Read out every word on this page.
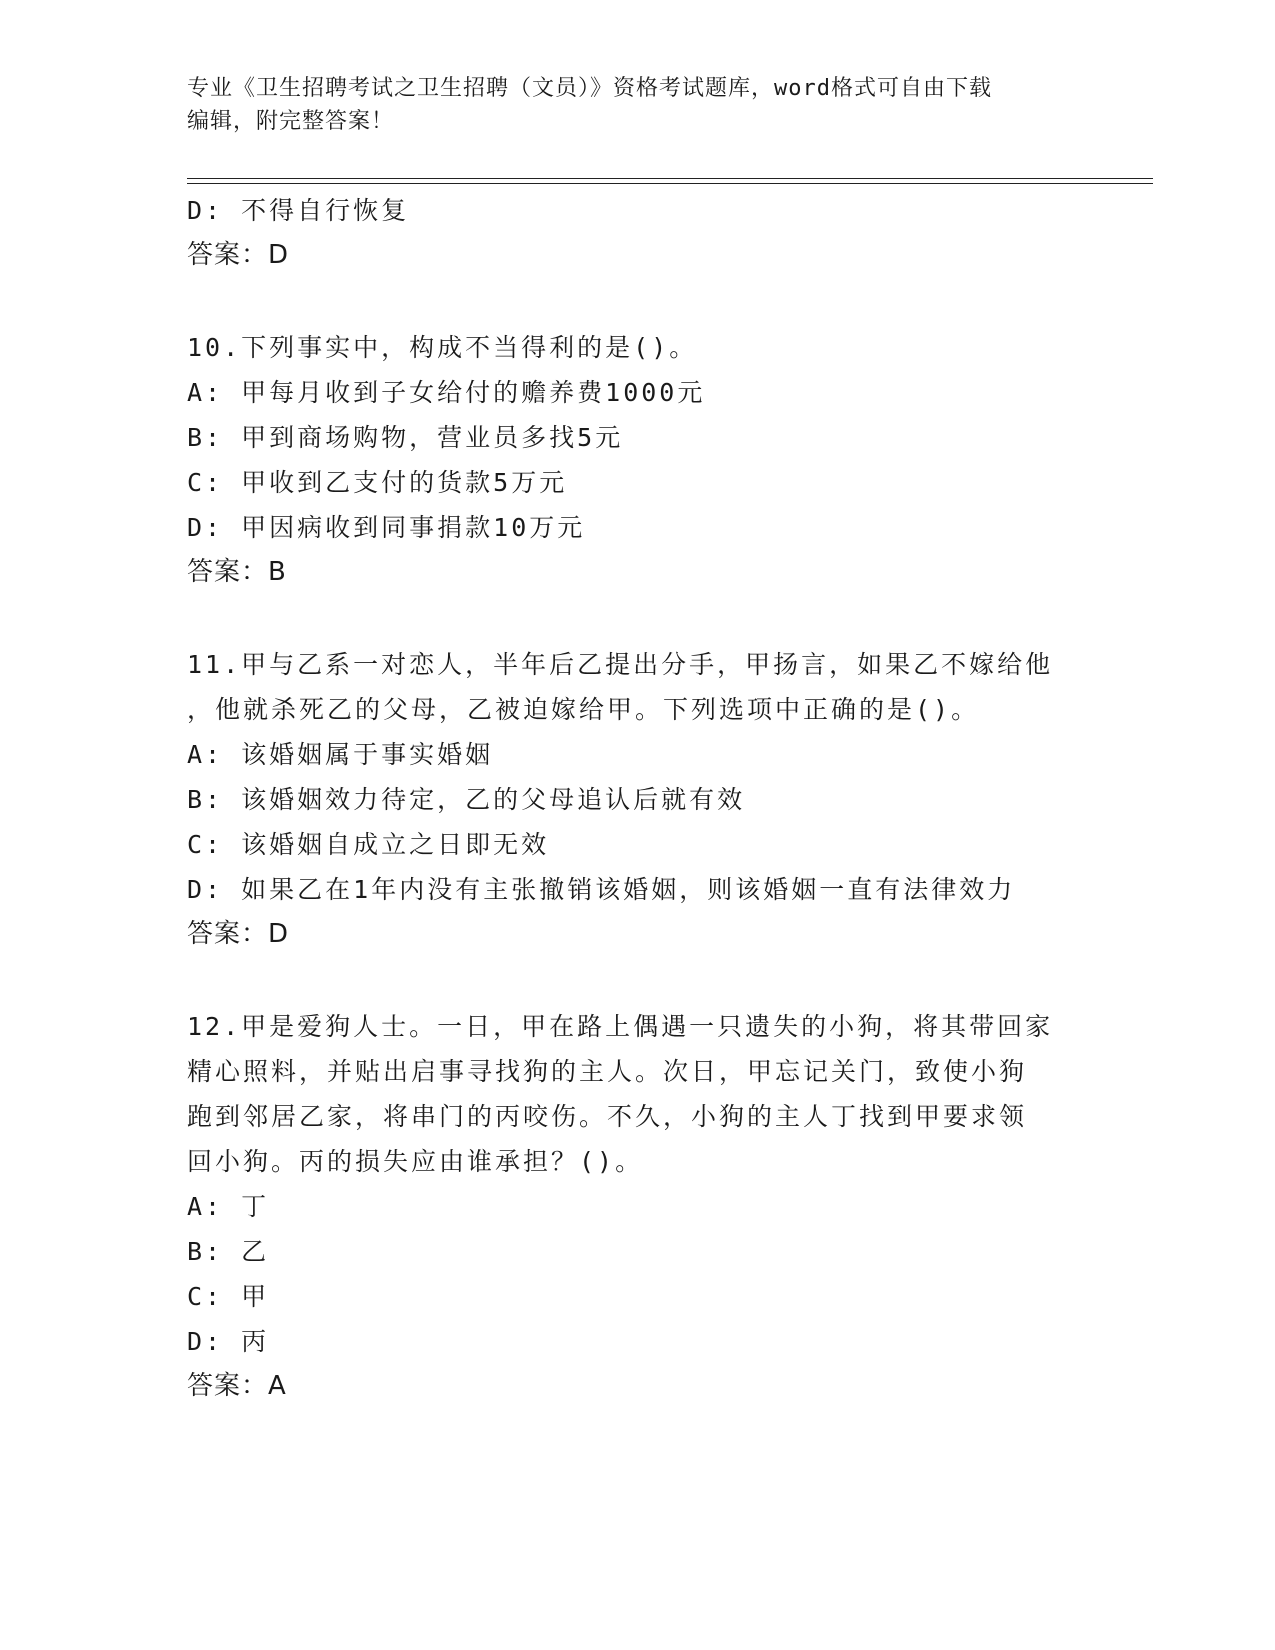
专业《卫生招聘考试之卫生招聘（文员）》资格考试题库，word格式可自由下载
编辑，附完整答案！
D: 不得自行恢复
答案：D
10.下列事实中，构成不当得利的是()。
A: 甲每月收到子女给付的赡养费1000元
B: 甲到商场购物，营业员多找5元
C: 甲收到乙支付的货款5万元
D: 甲因病收到同事捐款10万元
答案：B
11.甲与乙系一对恋人，半年后乙提出分手，甲扬言，如果乙不嫁给他
，他就杀死乙的父母，乙被迫嫁给甲。下列选项中正确的是()。
A: 该婚姻属于事实婚姻
B: 该婚姻效力待定，乙的父母追认后就有效
C: 该婚姻自成立之日即无效
D: 如果乙在1年内没有主张撤销该婚姻，则该婚姻一直有法律效力
答案：D
12.甲是爱狗人士。一日，甲在路上偶遇一只遗失的小狗，将其带回家
精心照料，并贴出启事寻找狗的主人。次日，甲忘记关门，致使小狗
跑到邻居乙家，将串门的丙咬伤。不久，小狗的主人丁找到甲要求领
回小狗。丙的损失应由谁承担？()。
A: 丁
B: 乙
C: 甲
D: 丙
答案：A
